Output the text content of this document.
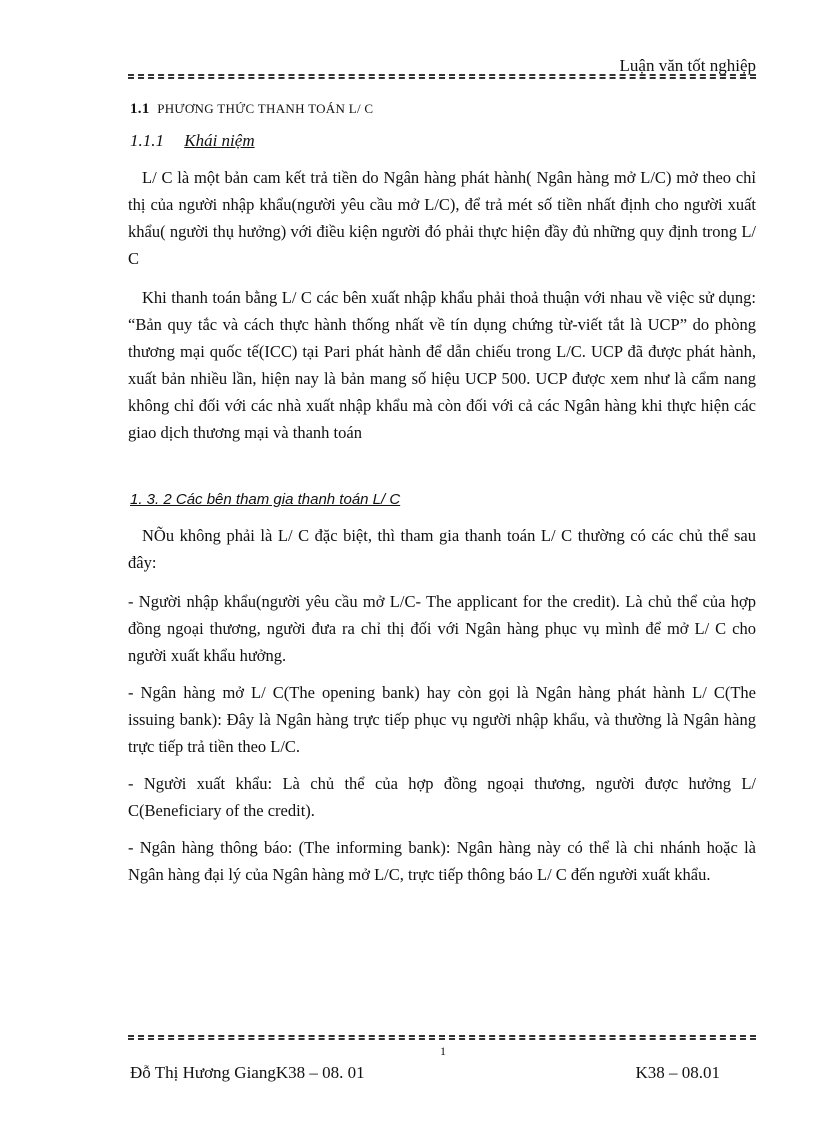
Luận văn tốt nghiệp
1.1 PHƯƠNG THỨC THANH TOÁN L/ C
1.1.1 Khái niệm

L/ C là một bản cam kết trả tiền do Ngân hàng phát hành( Ngân hàng mở L/C) mở theo chỉ thị của người nhập khẩu(người yêu cầu mở L/C), để trả mét số tiền nhất định cho người xuất khẩu( người thụ hưởng) với điều kiện người đó phải thực hiện đầy đủ những quy định trong L/ C

Khi thanh toán bằng L/ C các bên xuất nhập khẩu phải thoả thuận với nhau về việc sử dụng: “Bản quy tắc và cách thực hành thống nhất về tín dụng chứng từ-viết tắt là UCP” do phòng thương mại quốc tế(ICC) tại Pari phát hành để dẫn chiếu trong L/C. UCP đã được phát hành, xuất bản nhiều lần, hiện nay là bản mang số hiệu UCP 500. UCP được xem như là cẩm nang không chỉ đối với các nhà xuất nhập khẩu mà còn đối với cả các Ngân hàng khi thực hiện các giao dịch thương mại và thanh toán

1. 3. 2 Các bên tham gia thanh toán L/ C

NÕu không phải là L/ C đặc biệt, thì tham gia thanh toán L/ C thường có các chủ thể sau đây:

- Người nhập khẩu(người yêu cầu mở L/C- The applicant for the credit). Là chủ thể của hợp đồng ngoại thương, người đưa ra chỉ thị đối với Ngân hàng phục vụ mình để mở L/ C cho người xuất khẩu hưởng.

- Ngân hàng mở L/ C(The opening bank) hay còn gọi là Ngân hàng phát hành L/ C(The issuing bank): Đây là Ngân hàng trực tiếp phục vụ người nhập khẩu, và thường là Ngân hàng trực tiếp trả tiền theo L/C.

- Người xuất khẩu: Là chủ thể của hợp đồng ngoại thương, người được hưởng L/ C(Beneficiary of the credit).

- Ngân hàng thông báo: (The informing bank): Ngân hàng này có thể là chi nhánh hoặc là Ngân hàng đại lý của Ngân hàng mở L/C, trực tiếp thông báo L/ C đến người xuất khẩu.

1
Đỗ Thị Hương GiangK38 – 08. 01	K38 – 08.01
